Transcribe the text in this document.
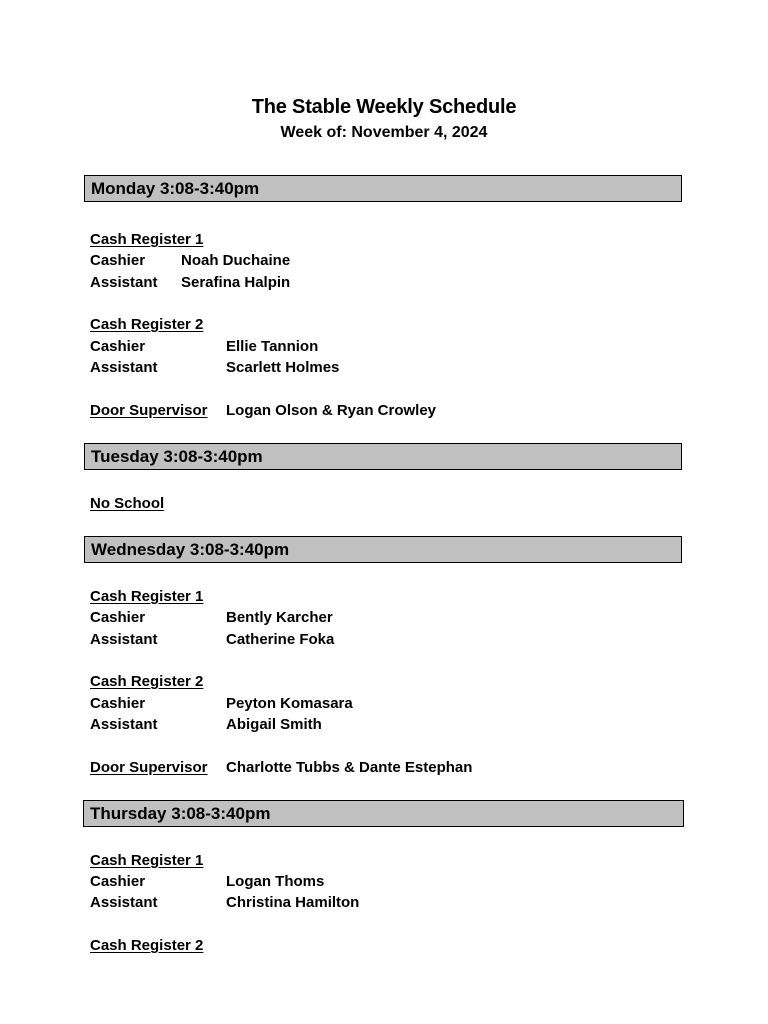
The Stable Weekly Schedule
Week of: November 4, 2024
Monday 3:08-3:40pm
Cash Register 1
Cashier Noah Duchaine
Assistant Serafina Halpin
Cash Register 2
Cashier	Ellie Tannion
Assistant	Scarlett Holmes
Door Supervisor Logan Olson & Ryan Crowley
Tuesday 3:08-3:40pm
No School
Wednesday 3:08-3:40pm
Cash Register 1
Cashier	Bently Karcher
Assistant	Catherine Foka
Cash Register 2
Cashier	Peyton Komasara
Assistant	Abigail Smith
Door Supervisor Charlotte Tubbs & Dante Estephan
Thursday 3:08-3:40pm
Cash Register 1
Cashier	Logan Thoms
Assistant	Christina Hamilton
Cash Register 2
